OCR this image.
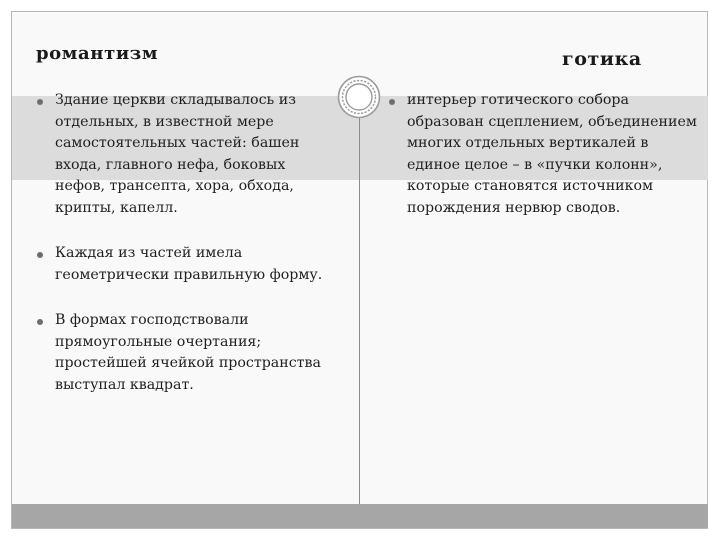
романтизм	готика
Здание церкви складывалось из отдельных, в известной мере самостоятельных частей: башен входа, главного нефа, боковых нефов, трансепта, хора, обхода, крипты, капелл.
Каждая из частей имела геометрически правильную форму.
В формах господствовали прямоугольные очертания; простейшей ячейкой пространства выступал квадрат.
интерьер готического собора образован сцеплением, объединением многих отдельных вертикалей в единое целое – в «пучки колонн», которые становятся источником порождения нервюр сводов.
